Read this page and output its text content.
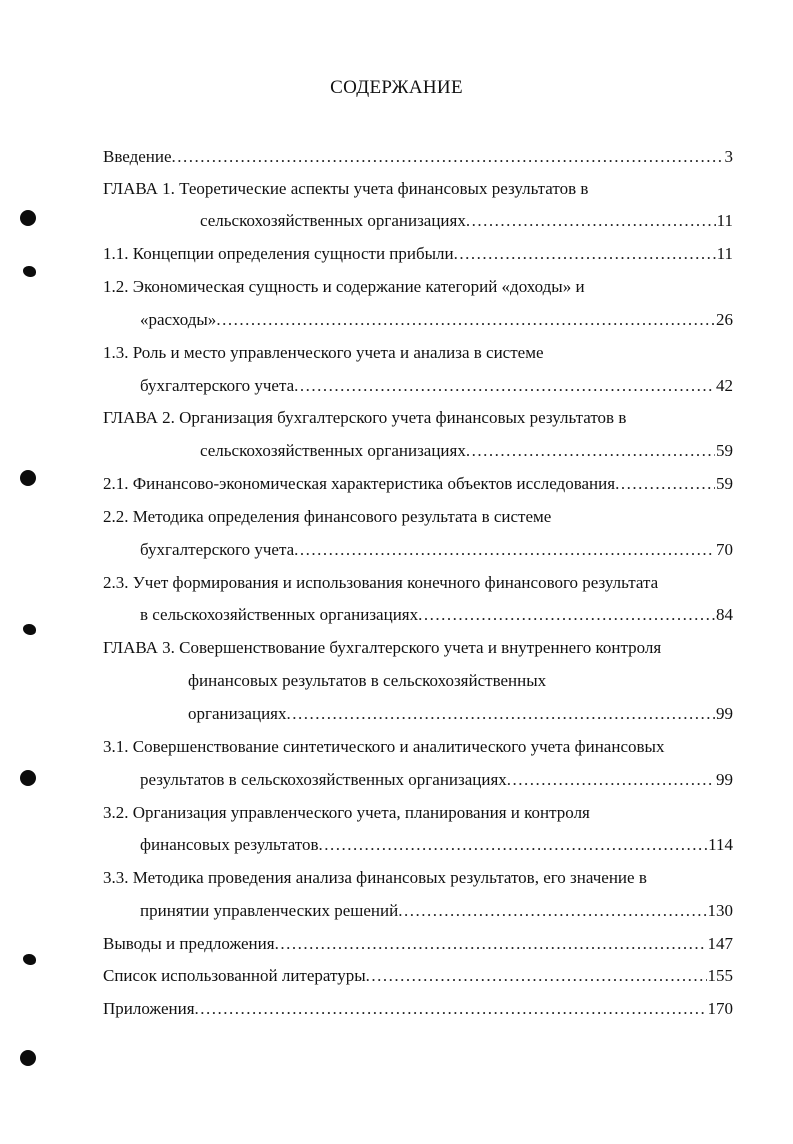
СОДЕРЖАНИЕ
Введение .....	3
ГЛАВА 1. Теоретические аспекты учета финансовых результатов в
сельскохозяйственных организациях .....	11
1.1. Концепции определения сущности прибыли .....	11
1.2. Экономическая сущность и содержание категорий «доходы» и
«расходы» .....	26
1.3. Роль и место управленческого учета и анализа в системе
бухгалтерского учета .....	42
ГЛАВА 2. Организация бухгалтерского учета финансовых результатов в
сельскохозяйственных организациях .....	59
2.1. Финансово-экономическая характеристика объектов исследования .....	59
2.2. Методика определения финансового результата в системе
бухгалтерского учета .....	70
2.3. Учет формирования и использования конечного финансового результата
в сельскохозяйственных организациях .....	84
ГЛАВА 3. Совершенствование бухгалтерского учета и внутреннего контроля
финансовых результатов в сельскохозяйственных
организациях .....	99
3.1. Совершенствование синтетического и аналитического учета финансовых
результатов в сельскохозяйственных организациях .....	99
3.2. Организация управленческого учета, планирования и контроля
финансовых результатов .....	114
3.3. Методика проведения анализа финансовых результатов, его значение в
принятии управленческих решений .....	130
Выводы и предложения .....	147
Список использованной литературы .....	155
Приложения .....	170
